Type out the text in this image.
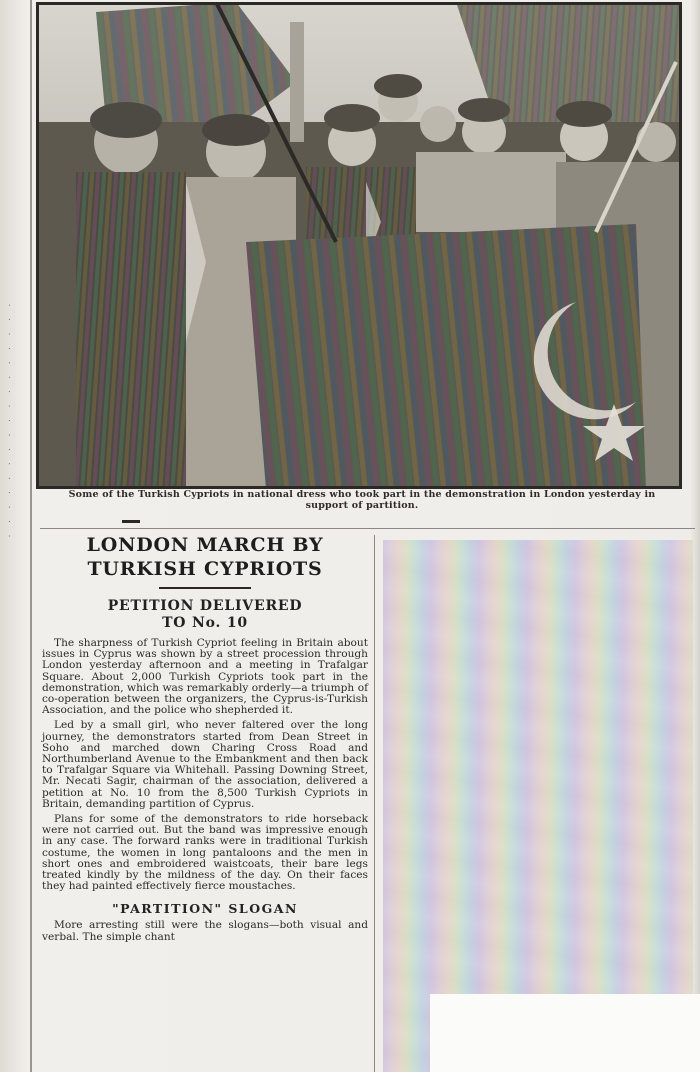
· · · · · · · · · · · · · · · · ·	Some of the Turkish Cypriots in national dress who took part in the demonstration in London yesterday in support of partition.
LONDON MARCH BY
TURKISH CYPRIOTS
PETITION DELIVERED
TO No. 10

The sharpness of Turkish Cypriot feeling in Britain about issues in Cyprus was shown by a street procession through London yesterday afternoon and a meeting in Trafalgar Square. About 2,000 Turkish Cypriots took part in the demonstration, which was remarkably orderly—a triumph of co-operation between the organizers, the Cyprus-is-Turkish Association, and the police who shepherded it.

Led by a small girl, who never faltered over the long journey, the demonstrators started from Dean Street in Soho and marched down Charing Cross Road and Northumberland Avenue to the Embankment and then back to Trafalgar Square via Whitehall. Passing Downing Street, Mr. Necati Sagir, chairman of the association, delivered a petition at No. 10 from the 8,500 Turkish Cypriots in Britain, demanding partition of Cyprus.

Plans for some of the demonstrators to ride horseback were not carried out. But the band was impressive enough in any case. The forward ranks were in traditional Turkish costume, the women in long pantaloons and the men in short ones and embroidered waistcoats, their bare legs treated kindly by the mildness of the day. On their faces they had painted effectively fierce moustaches.

"PARTITION" SLOGAN

More arresting still were the slogans—both visual and verbal. The simple chant
